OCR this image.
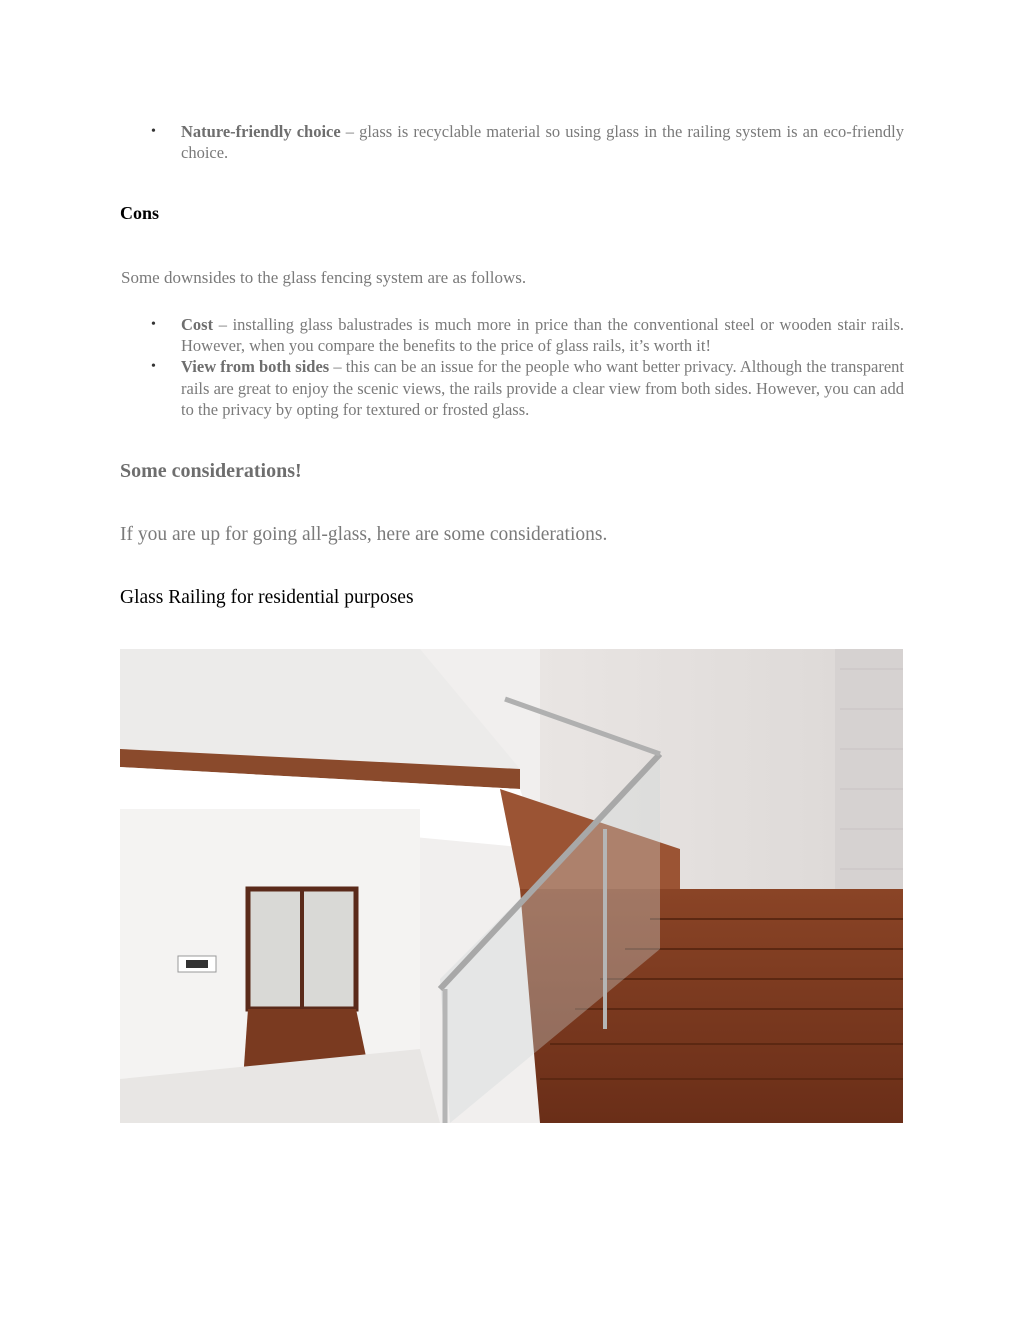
• Nature-friendly choice – glass is recyclable material so using glass in the railing system is an eco-friendly choice.
Cons
Some downsides to the glass fencing system are as follows.
• Cost – installing glass balustrades is much more in price than the conventional steel or wooden stair rails. However, when you compare the benefits to the price of glass rails, it’s worth it!
• View from both sides – this can be an issue for the people who want better privacy. Although the transparent rails are great to enjoy the scenic views, the rails provide a clear view from both sides. However, you can add to the privacy by opting for textured or frosted glass.
Some considerations!
If you are up for going all-glass, here are some considerations.
Glass Railing for residential purposes
